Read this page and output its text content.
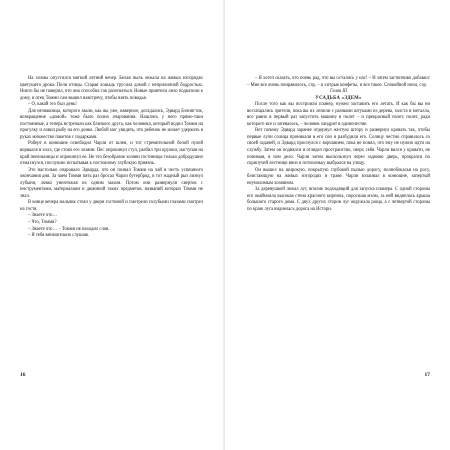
На холмы опустился мягкий летний вечер. Белая пыль лежала на живых изгородях цветущего дрока. Пели птицы. Старая лошадь трусила домой с неприличной бодростью. Никто бы не поверил, что она способна так разогнаться. Новые приятели лихо подкатили к дому, и отец Томми сам вышел навстречу, чтобы взять поводья.

– О, какой это был день!

Для незнакомца, которого звали, как вы уже, наверное, догадались, Эдвард Бэлингток, возвращение «домой» тоже было полно очарования. Нашлись у него прямо-таки постоянные, а теперь встречали как близкого друга, как человека, который водил Томми на прогулку и ловил рыбу на его донке. Любой мог увидеть, что ребенок не может удержать в руках множество пакетов с подарками.

Роберт в конюшне освободил Чарли от шлеи, и тот стремительной белой пулей ворвался в холл, где стоял его хозяин. Пес опрокинул стул, разбил три кружки, наступая на край пепельницы и опрокинул ее. Не это безобразие хозяин гостиницы только добродушно отмахнулся, послушно испытывая к постоялому глубокую приязнь.

Это настолько очаровало Эдварда, что он позвал Томми на чай в честь успешного окончания дня. За чаем Томми пять раз бросал Чарли бутерброд, и тот жадный рыз лизнул лубыни, ловко уничтожая их одним махом. Потом они развернули сверток с инструментами, материалами и дюжиной таких предметов, названий которых Томми не знал.

В конце вечера мальчик стоял у двери гостиной и смотрели голубыми глазами смотрел на гостя.

– Знаете что…

– Что, Томми?

– Знаете что… – Томми не находил слов.

– Я тебя внимательно слушаю.

16

– Я хотел сказать, что очень рад, что вы остались у нас! – И затем застенчиво добавил: – Мне все очень понравилось, сэр, – и хитрые конфеты, и все такое. Спокойной ночи, сэр.

Глава III

УСАДЬБА «ЭДЕМ»

После того как вы построили планер, нужно заставить его летать. И как бы вы ни восхищались зрителя, пока вы их лепили с разными штуками из дерева, холста и металла, все равно в первый раз запустить машину в полет – и прекрасный полет, полет, ради которого все и затевалось, – человек хандрит в одиночестве.

Вот почему Эдвард заранее отдернул желтую штору и развернул кровать так, чтобы первые лучи солнца проникали в его сон и разбудили его. Солнцу честно справилось со своей задачей, и Эдвард проснулся с ворчанием, пока не понял, что ему не нужно идти на службу. Затем он поднялся и оглядел пространство, сверх себя. Чарли вился у кровати, не понимая, в чем дело. Чарли затем выскользнул через заднюю дверь, прокрался по скрипучей лестнице вниз и потихоньку выбрался на улицу.

Он вышел на широкую, покрытую глубокой пылью дорогу, полнобокасья на росу, блистающую на живых изгородях и траве. Чарли взлаивал в конюшне, запертый неумолимым хозяином.

За деревушкой лежал луг, вполне подходящий для запуска планера. С одной стороны его окаймляла высокая стена красного кирпича, поросшая мхом, за ней виднелась крыша большого старого дома. С двух других сторон луг окружала роща, а с четвертой стороны по краю луга виднелась дорога на Исторн.

17
